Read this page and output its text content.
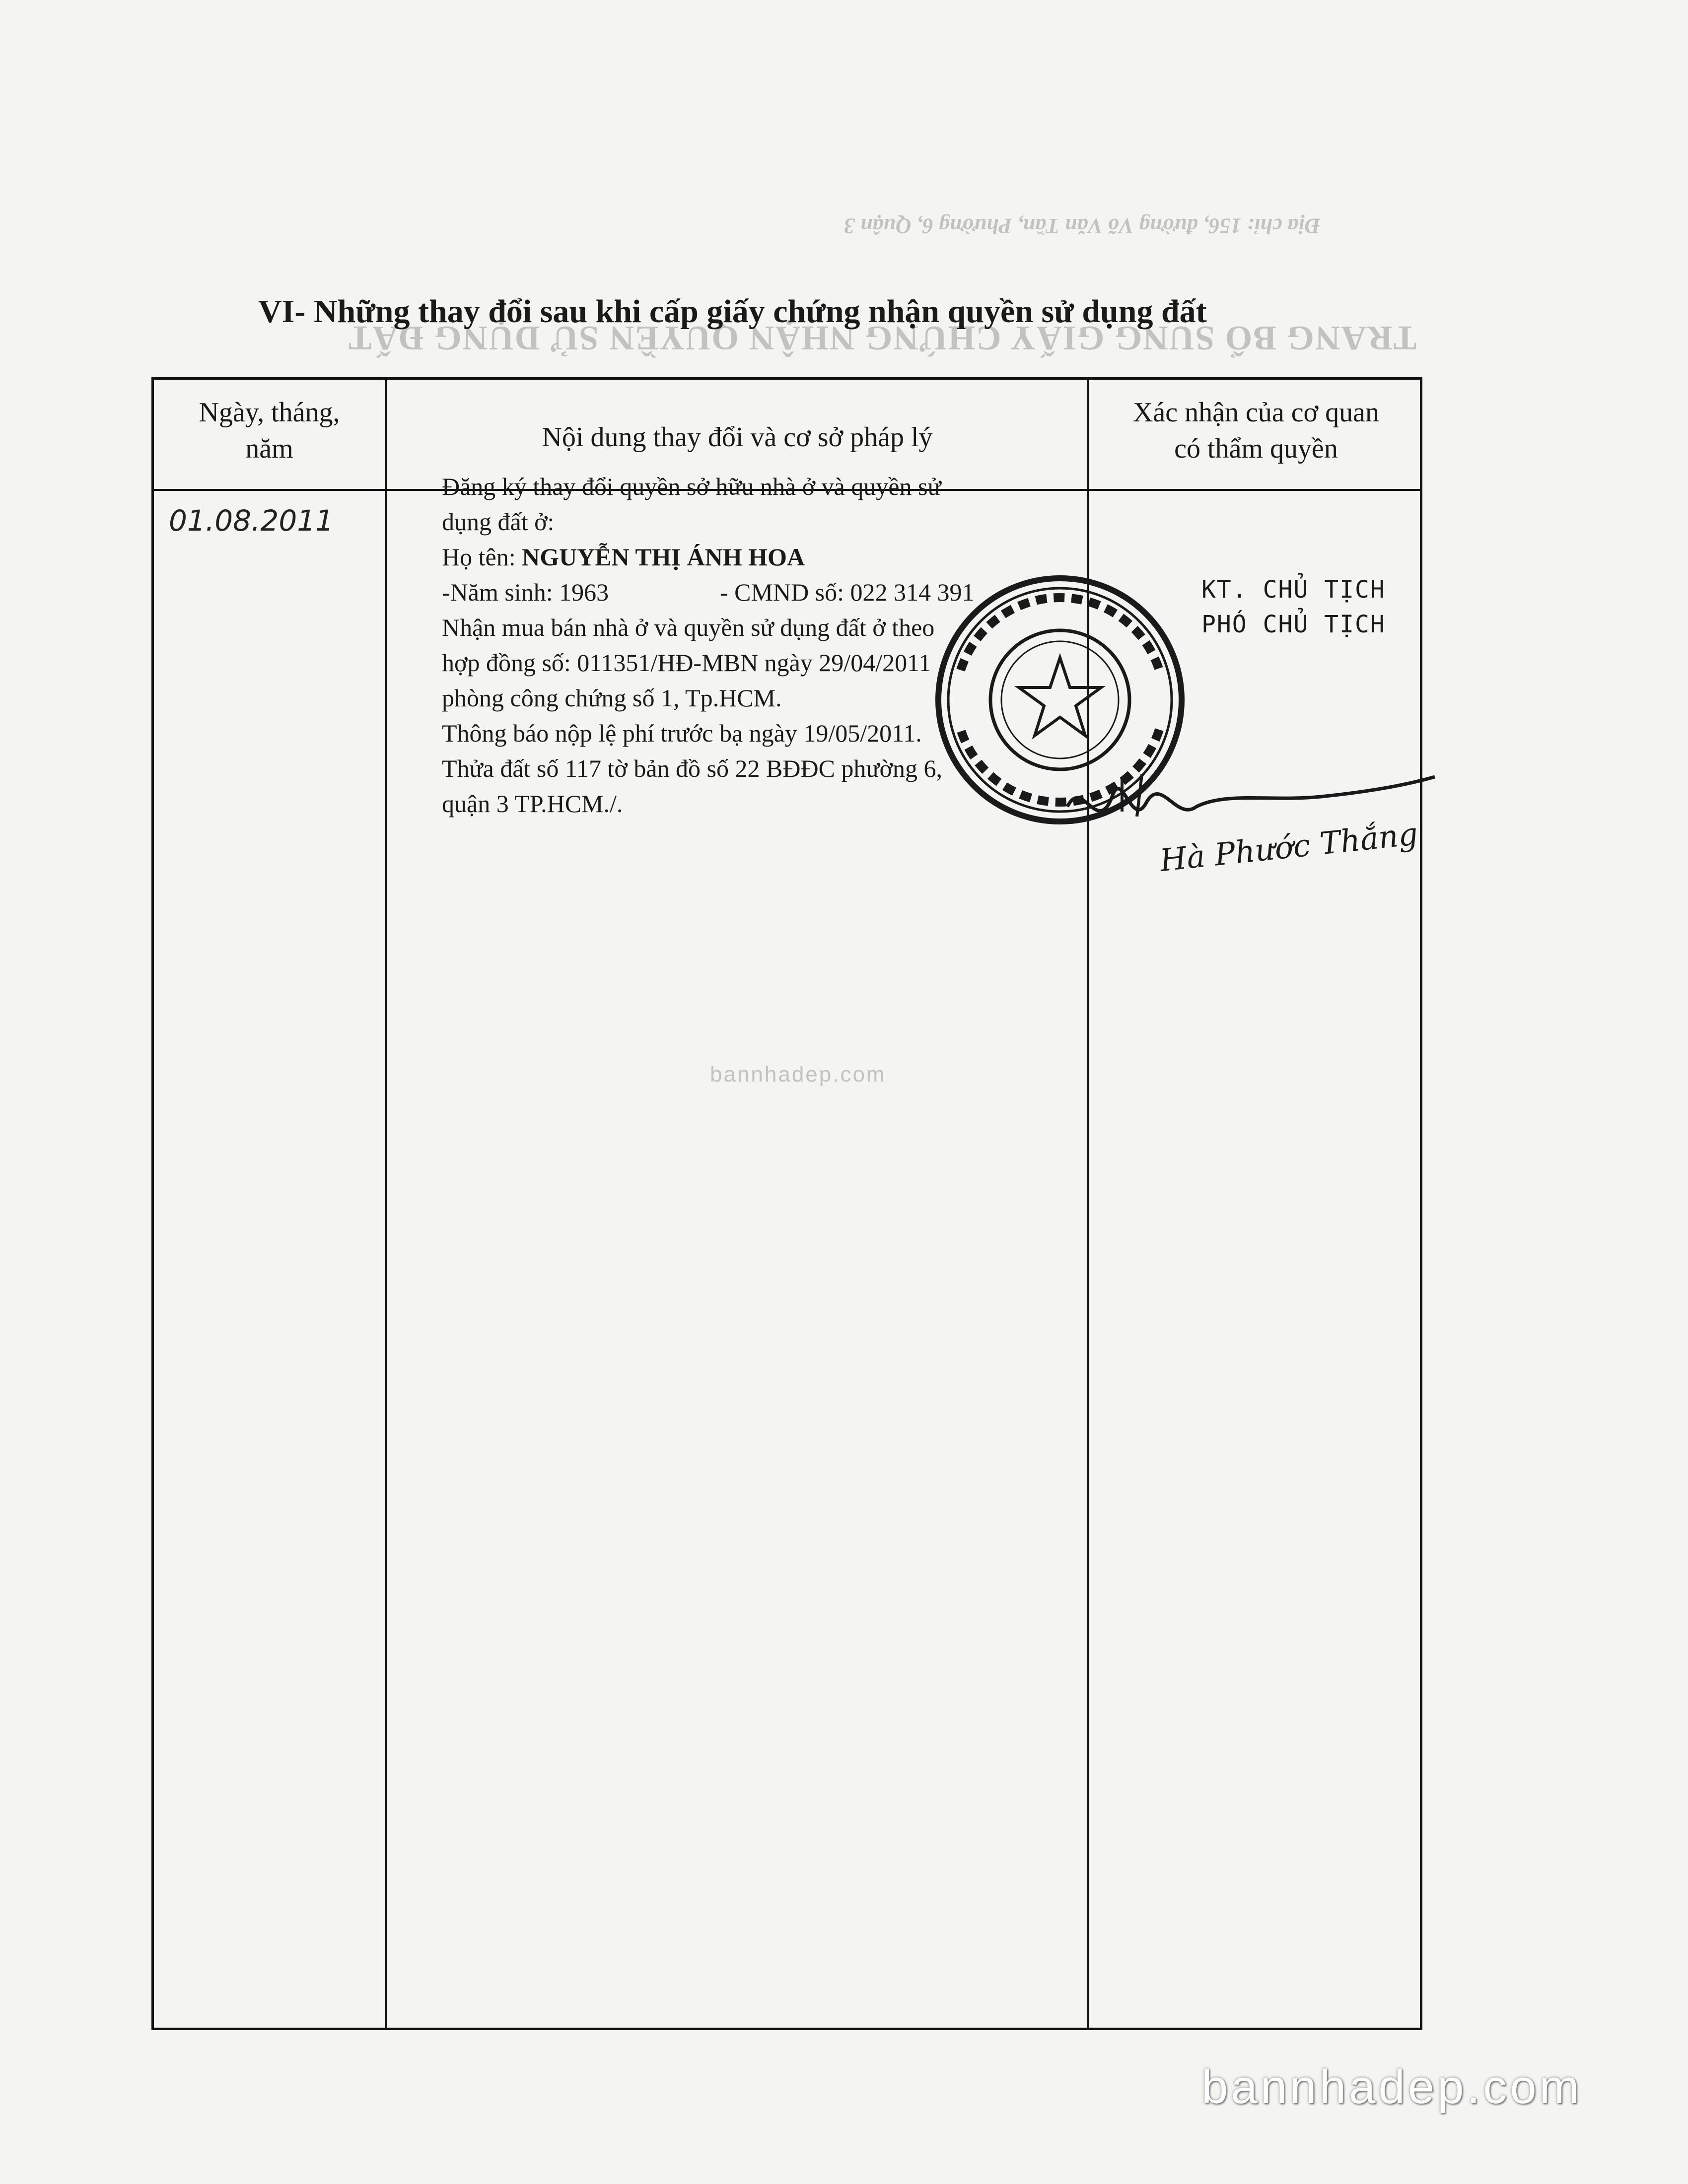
Địa chỉ: 156, đường Võ Văn Tần, Phường 6, Quận 3
TRANG BỔ SUNG GIẤY CHỨNG NHẬN QUYỀN SỬ DỤNG ĐẤT
VI- Những thay đổi sau khi cấp giấy chứng nhận quyền sử dụng đất
Ngày, tháng,
năm	Nội dung thay đổi và cơ sở pháp lý
Xác nhận của cơ quan
có thẩm quyền
01.08.2011
Đăng ký thay đổi quyền sở hữu nhà ở và quyền sử
dụng đất ở:
Họ tên: NGUYỄN THỊ ÁNH HOA
-Năm sinh: 1963	- CMND số: 022 314 391
Nhận mua bán nhà ở và quyền sử dụng đất ở theo
hợp đồng số: 011351/HĐ-MBN ngày 29/04/2011
phòng công chứng số 1, Tp.HCM.
Thông báo nộp lệ phí trước bạ ngày 19/05/2011.
Thửa đất số 117 tờ bản đồ số 22 BĐĐC phường 6,
quận 3 TP.HCM./.
KT. CHỦ TỊCH
PHÓ CHỦ TỊCH
Hà Phước Thắng
bannhadep.com
bannhadep.com
